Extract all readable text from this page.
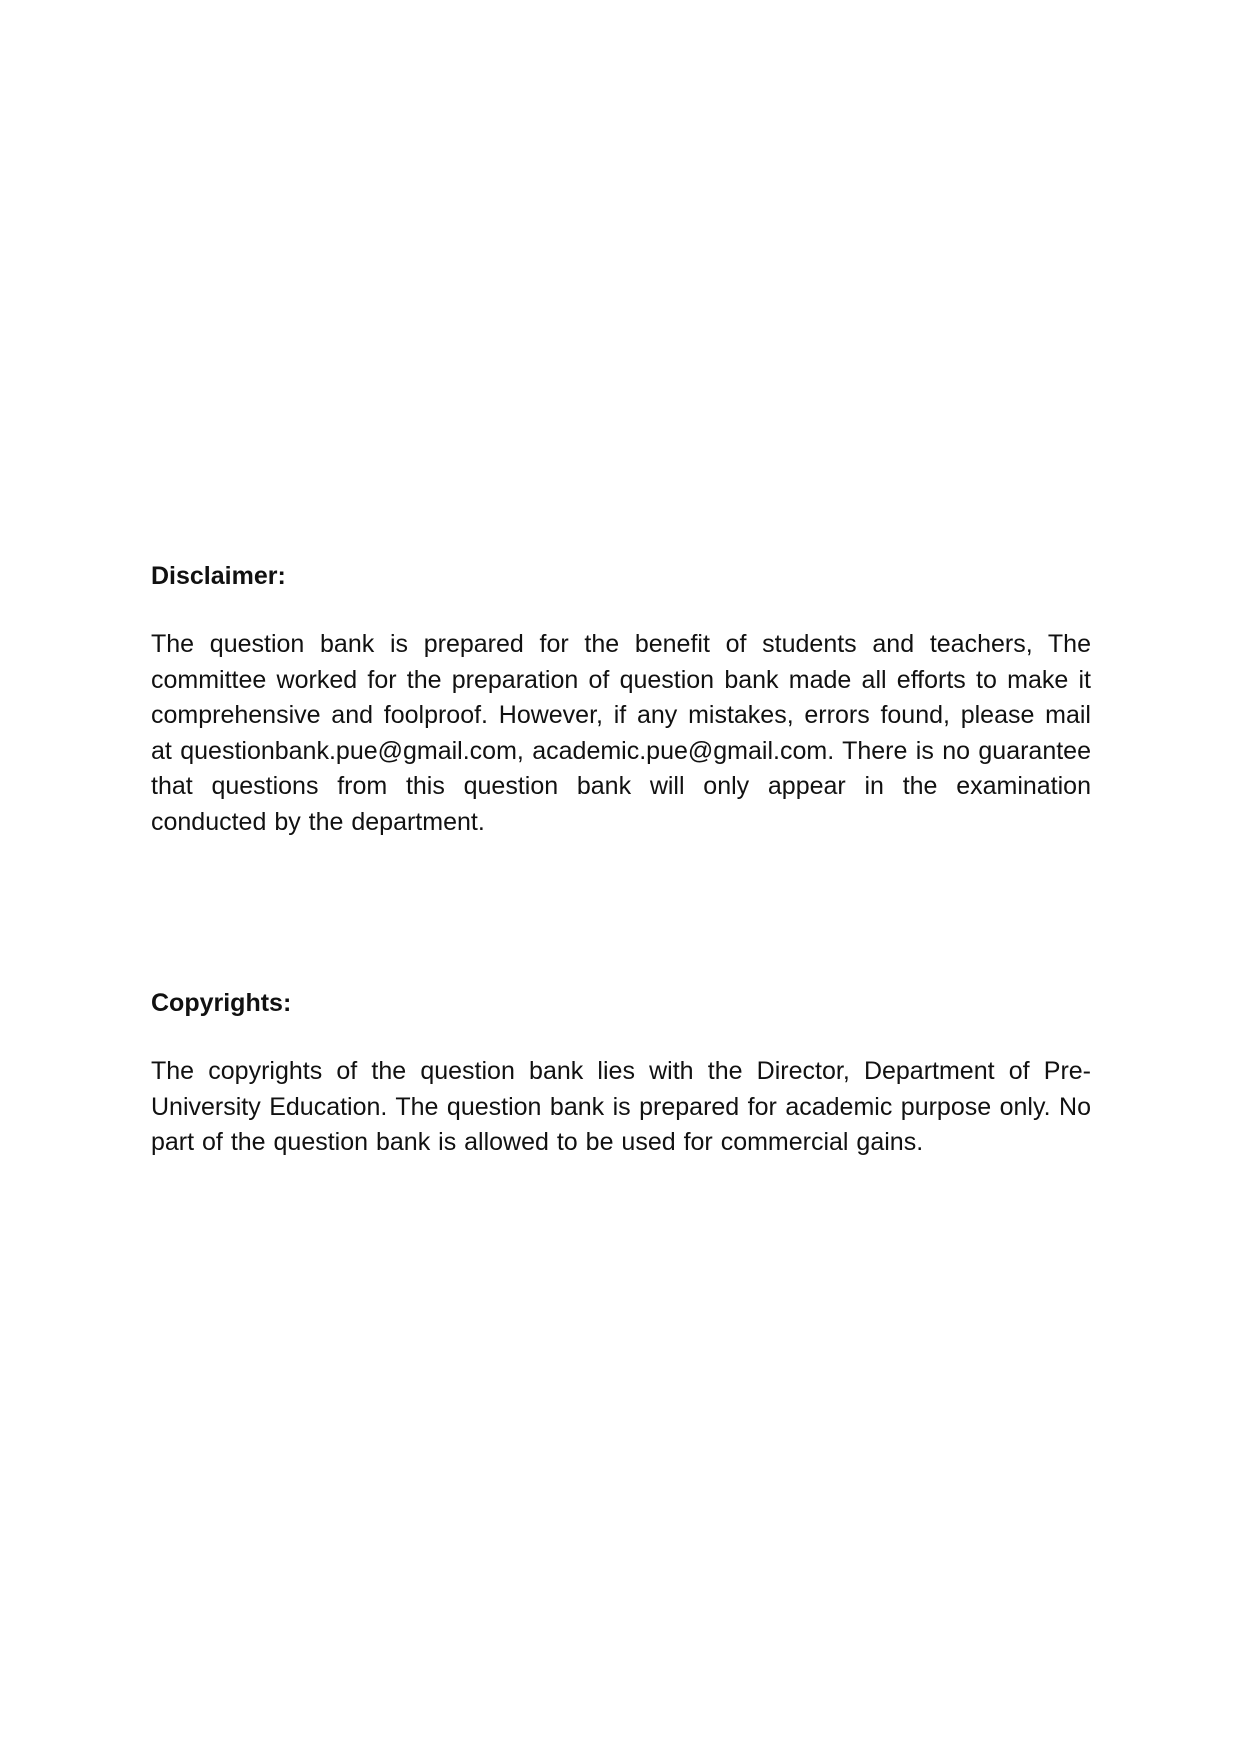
Disclaimer:

The question bank is prepared for the benefit of students and teachers, The committee worked for the preparation of question bank made all efforts to make it comprehensive and foolproof. However, if any mistakes, errors found, please mail at questionbank.pue@gmail.com, academic.pue@gmail.com. There is no guarantee that questions from this question bank will only appear in the examination conducted by the department.

Copyrights:

The copyrights of the question bank lies with the Director, Department of Pre-University Education. The question bank is prepared for academic purpose only. No part of the question bank is allowed to be used for commercial gains.
